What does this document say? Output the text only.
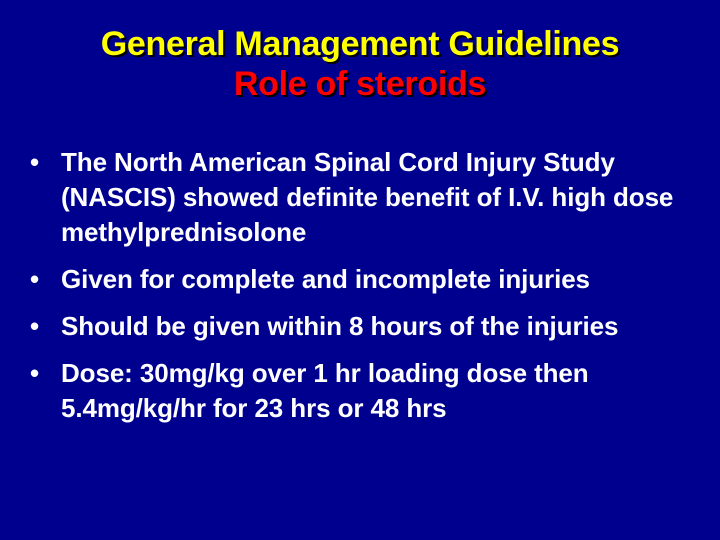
General Management Guidelines
Role of steroids
• The North American Spinal Cord Injury Study (NASCIS) showed definite benefit of I.V. high dose methylprednisolone
• Given for complete and incomplete injuries
• Should be given within 8 hours of the injuries
• Dose: 30mg/kg over 1 hr loading dose then 5.4mg/kg/hr for 23 hrs or 48 hrs
